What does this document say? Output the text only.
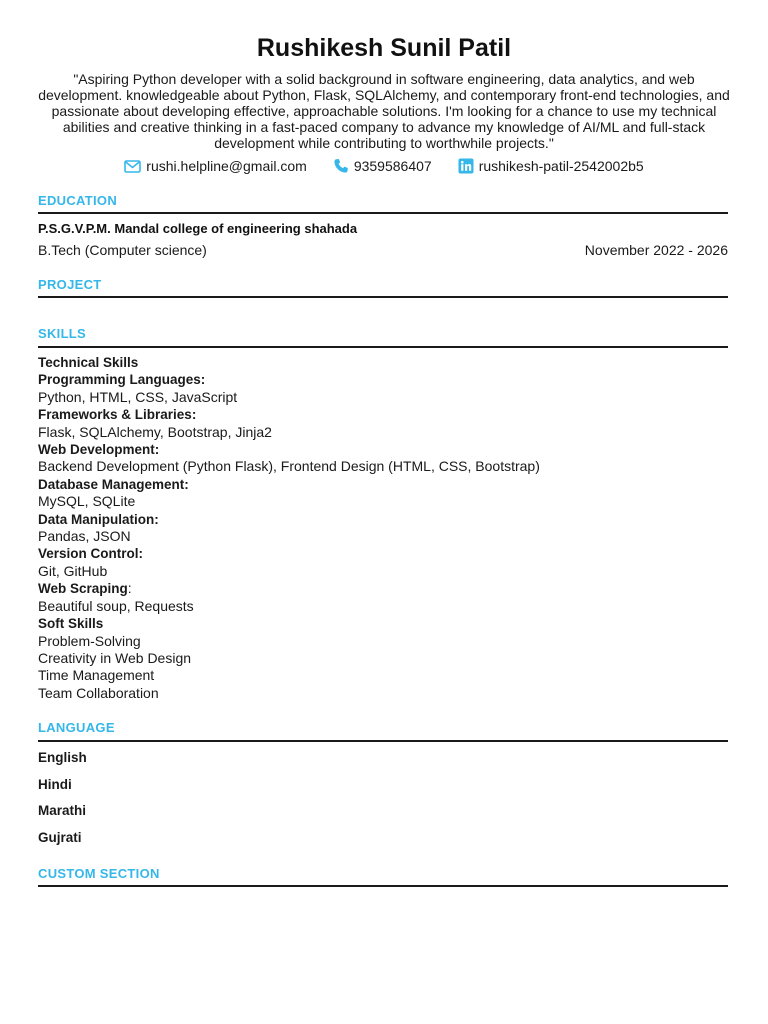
Rushikesh Sunil Patil
"Aspiring Python developer with a solid background in software engineering, data analytics, and web development. knowledgeable about Python, Flask, SQLAlchemy, and contemporary front-end technologies, and passionate about developing effective, approachable solutions. I'm looking for a chance to use my technical abilities and creative thinking in a fast-paced company to advance my knowledge of AI/ML and full-stack development while contributing to worthwhile projects."
rushi.helpline@gmail.com	9359586407	rushikesh-patil-2542002b5
EDUCATION
P.S.G.V.P.M. Mandal college of engineering shahada
B.Tech (Computer science)	November 2022 - 2026
PROJECT
SKILLS
Technical Skills
Programming Languages:
Python, HTML, CSS, JavaScript
Frameworks & Libraries:
Flask, SQLAlchemy, Bootstrap, Jinja2
Web Development:
Backend Development (Python Flask), Frontend Design (HTML, CSS, Bootstrap)
Database Management:
MySQL, SQLite
Data Manipulation:
Pandas, JSON
Version Control:
Git, GitHub
Web Scraping:
Beautiful soup, Requests
Soft Skills
Problem-Solving
Creativity in Web Design
Time Management
Team Collaboration
LANGUAGE
English
Hindi
Marathi
Gujrati
CUSTOM SECTION
